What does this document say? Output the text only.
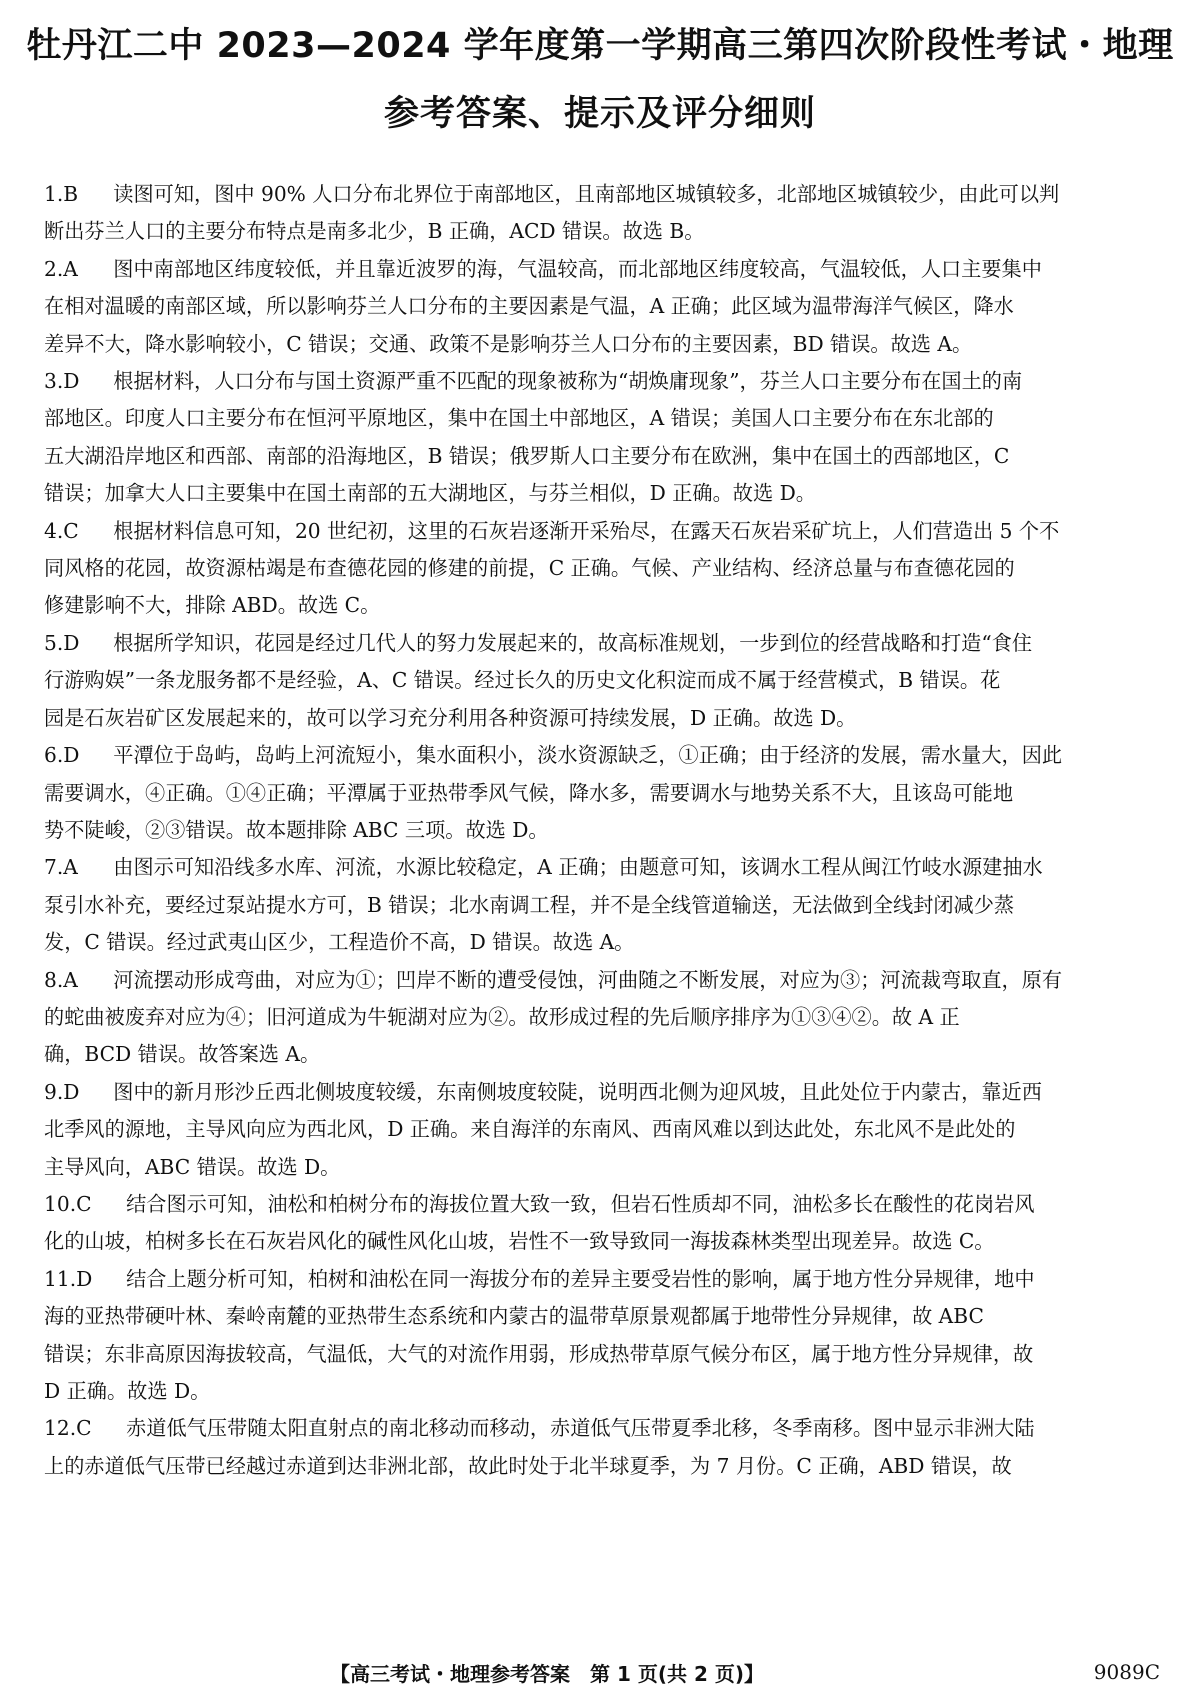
牡丹江二中 2023—2024 学年度第一学期高三第四次阶段性考试・地理
参考答案、提示及评分细则
1.B 读图可知，图中 90% 人口分布北界位于南部地区，且南部地区城镇较多，北部地区城镇较少，由此可以判
断出芬兰人口的主要分布特点是南多北少，B 正确，ACD 错误。故选 B。
2.A 图中南部地区纬度较低，并且靠近波罗的海，气温较高，而北部地区纬度较高，气温较低，人口主要集中
在相对温暖的南部区域，所以影响芬兰人口分布的主要因素是气温，A 正确；此区域为温带海洋气候区，降水
差异不大，降水影响较小，C 错误；交通、政策不是影响芬兰人口分布的主要因素，BD 错误。故选 A。
3.D 根据材料，人口分布与国土资源严重不匹配的现象被称为“胡焕庸现象”，芬兰人口主要分布在国土的南
部地区。印度人口主要分布在恒河平原地区，集中在国土中部地区，A 错误；美国人口主要分布在东北部的
五大湖沿岸地区和西部、南部的沿海地区，B 错误；俄罗斯人口主要分布在欧洲，集中在国土的西部地区，C
错误；加拿大人口主要集中在国土南部的五大湖地区，与芬兰相似，D 正确。故选 D。
4.C 根据材料信息可知，20 世纪初，这里的石灰岩逐渐开采殆尽，在露天石灰岩采矿坑上，人们营造出 5 个不
同风格的花园，故资源枯竭是布查德花园的修建的前提，C 正确。气候、产业结构、经济总量与布查德花园的
修建影响不大，排除 ABD。故选 C。
5.D 根据所学知识，花园是经过几代人的努力发展起来的，故高标准规划，一步到位的经营战略和打造“食住
行游购娱”一条龙服务都不是经验，A、C 错误。经过长久的历史文化积淀而成不属于经营模式，B 错误。花
园是石灰岩矿区发展起来的，故可以学习充分利用各种资源可持续发展，D 正确。故选 D。
6.D 平潭位于岛屿，岛屿上河流短小，集水面积小，淡水资源缺乏，①正确；由于经济的发展，需水量大，因此
需要调水，④正确。①④正确；平潭属于亚热带季风气候，降水多，需要调水与地势关系不大，且该岛可能地
势不陡峻，②③错误。故本题排除 ABC 三项。故选 D。
7.A 由图示可知沿线多水库、河流，水源比较稳定，A 正确；由题意可知，该调水工程从闽江竹岐水源建抽水
泵引水补充，要经过泵站提水方可，B 错误；北水南调工程，并不是全线管道输送，无法做到全线封闭减少蒸
发，C 错误。经过武夷山区少，工程造价不高，D 错误。故选 A。
8.A 河流摆动形成弯曲，对应为①；凹岸不断的遭受侵蚀，河曲随之不断发展，对应为③；河流裁弯取直，原有
的蛇曲被废弃对应为④；旧河道成为牛轭湖对应为②。故形成过程的先后顺序排序为①③④②。故 A 正
确，BCD 错误。故答案选 A。
9.D 图中的新月形沙丘西北侧坡度较缓，东南侧坡度较陡，说明西北侧为迎风坡，且此处位于内蒙古，靠近西
北季风的源地，主导风向应为西北风，D 正确。来自海洋的东南风、西南风难以到达此处，东北风不是此处的
主导风向，ABC 错误。故选 D。
10.C 结合图示可知，油松和柏树分布的海拔位置大致一致，但岩石性质却不同，油松多长在酸性的花岗岩风
化的山坡，柏树多长在石灰岩风化的碱性风化山坡，岩性不一致导致同一海拔森林类型出现差异。故选 C。
11.D 结合上题分析可知，柏树和油松在同一海拔分布的差异主要受岩性的影响，属于地方性分异规律，地中
海的亚热带硬叶林、秦岭南麓的亚热带生态系统和内蒙古的温带草原景观都属于地带性分异规律，故 ABC
错误；东非高原因海拔较高，气温低，大气的对流作用弱，形成热带草原气候分布区，属于地方性分异规律，故
D 正确。故选 D。
12.C 赤道低气压带随太阳直射点的南北移动而移动，赤道低气压带夏季北移，冬季南移。图中显示非洲大陆
上的赤道低气压带已经越过赤道到达非洲北部，故此时处于北半球夏季，为 7 月份。C 正确，ABD 错误，故
【高三考试・地理参考答案　第 1 页(共 2 页)】	9089C
